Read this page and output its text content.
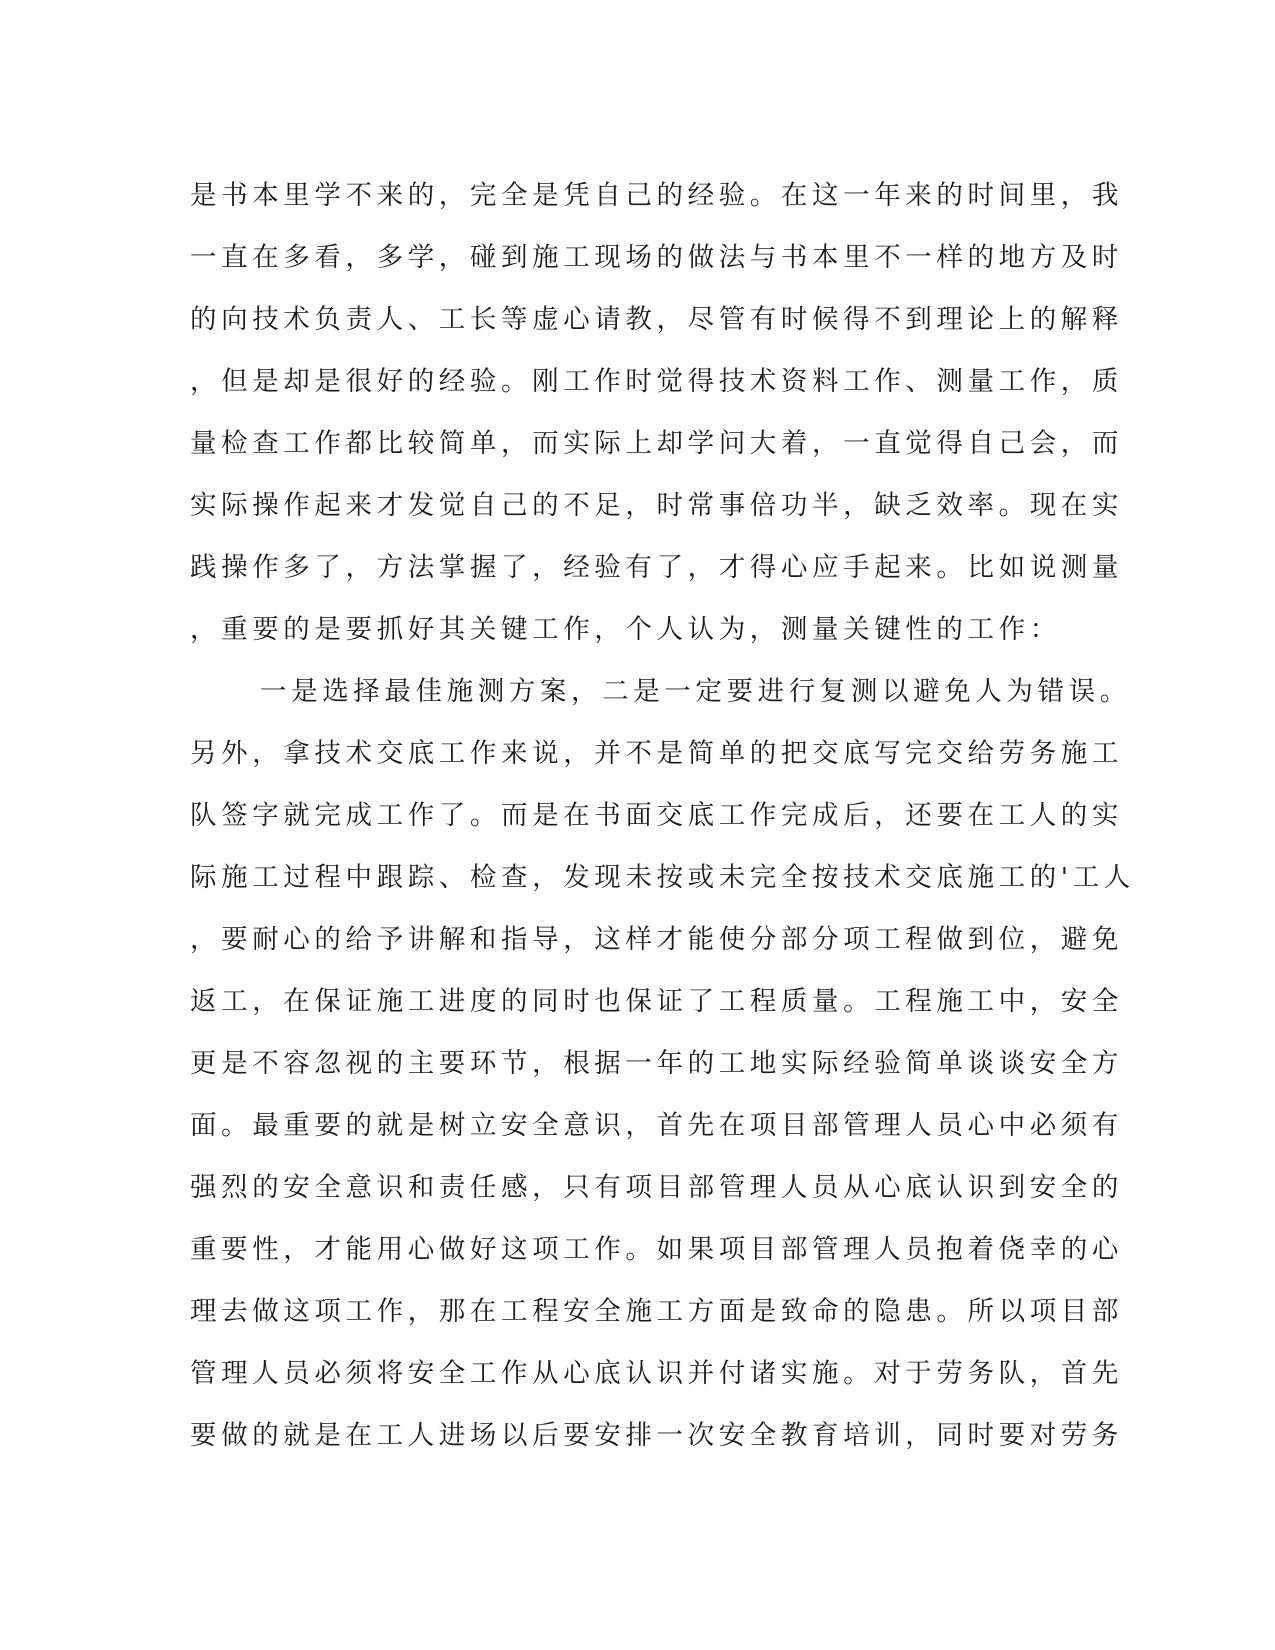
是书本里学不来的，完全是凭自己的经验。在这一年来的时间里，我
一直在多看，多学，碰到施工现场的做法与书本里不一样的地方及时
的向技术负责人、工长等虚心请教，尽管有时候得不到理论上的解释
，但是却是很好的经验。刚工作时觉得技术资料工作、测量工作，质
量检查工作都比较简单，而实际上却学问大着，一直觉得自己会，而
实际操作起来才发觉自己的不足，时常事倍功半，缺乏效率。现在实
践操作多了，方法掌握了，经验有了，才得心应手起来。比如说测量
，重要的是要抓好其关键工作，个人认为，测量关键性的工作：
一是选择最佳施测方案，二是一定要进行复测以避免人为错误。
另外，拿技术交底工作来说，并不是简单的把交底写完交给劳务施工
队签字就完成工作了。而是在书面交底工作完成后，还要在工人的实
际施工过程中跟踪、检查，发现未按或未完全按技术交底施工的'工人
，要耐心的给予讲解和指导，这样才能使分部分项工程做到位，避免
返工，在保证施工进度的同时也保证了工程质量。工程施工中，安全
更是不容忽视的主要环节，根据一年的工地实际经验简单谈谈安全方
面。最重要的就是树立安全意识，首先在项目部管理人员心中必须有
强烈的安全意识和责任感，只有项目部管理人员从心底认识到安全的
重要性，才能用心做好这项工作。如果项目部管理人员抱着侥幸的心
理去做这项工作，那在工程安全施工方面是致命的隐患。所以项目部
管理人员必须将安全工作从心底认识并付诸实施。对于劳务队，首先
要做的就是在工人进场以后要安排一次安全教育培训，同时要对劳务
